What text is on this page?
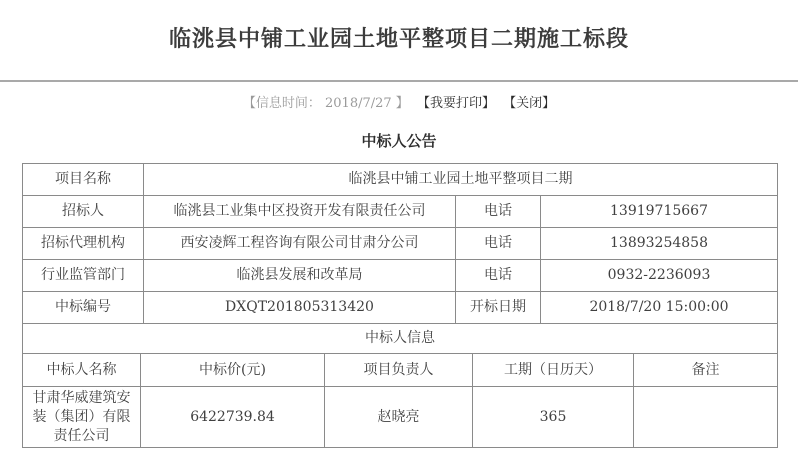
临洮县中铺工业园土地平整项目二期施工标段
【信息时间： 2018/7/27 】 【我要打印】 【关闭】
中标人公告
项目名称	临洮县中铺工业园土地平整项目二期		
招标人	临洮县工业集中区投资开发有限责任公司	电话	13919715667
招标代理机构	西安凌辉工程咨询有限公司甘肃分公司	电话	13893254858
行业监管部门	临洮县发展和改革局	电话	0932-2236093
中标编号	DXQT201805313420	开标日期	2018/7/20 15:00:00
中标人信息				
中标人名称	中标价(元)	项目负责人	工期（日历天）	备注
甘肃华威建筑安装（集团）有限责任公司	6422739.84	赵晓亮	365	
